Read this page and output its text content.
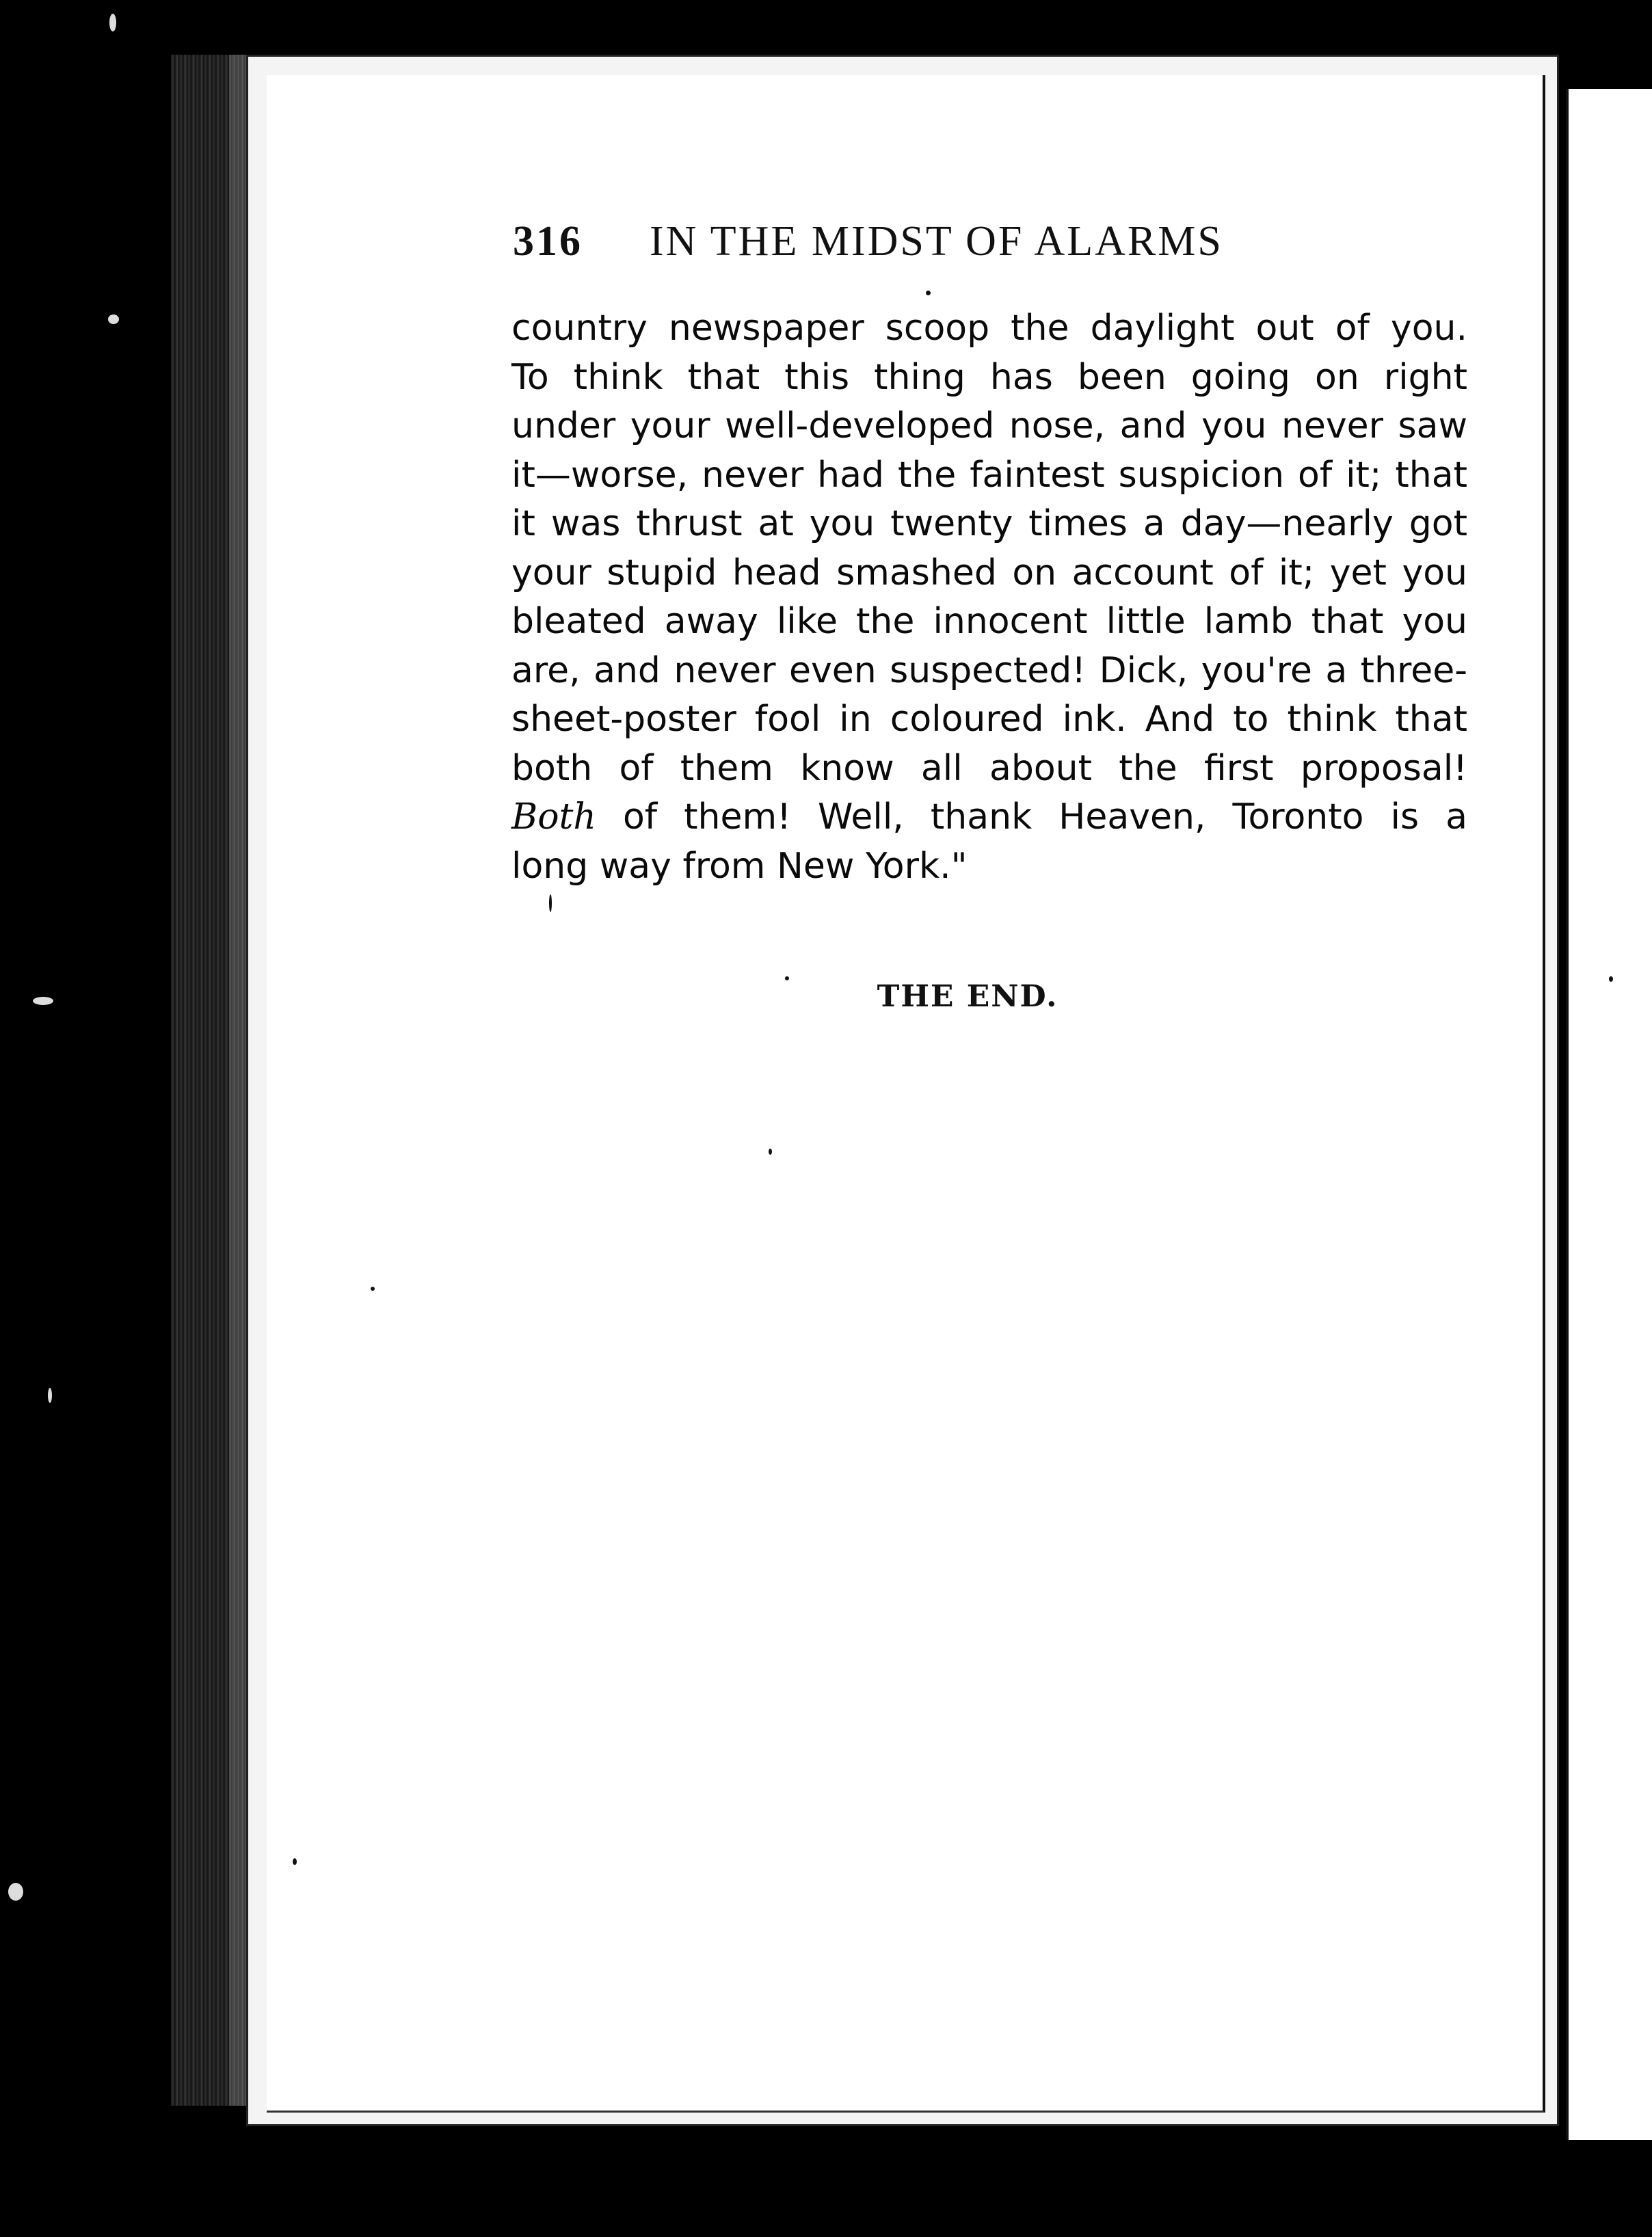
316 IN THE MIDST OF ALARMS
country newspaper scoop the daylight out of you.
To think that this thing has been going on right
under your well-developed nose, and you never saw
it—worse, never had the faintest suspicion of it; that
it was thrust at you twenty times a day—nearly got
your stupid head smashed on account of it; yet you
bleated away like the innocent little lamb that you
are, and never even suspected! Dick, you're a three-
sheet-poster fool in coloured ink. And to think that
both of them know all about the first proposal!
Both of them! Well, thank Heaven, Toronto is a
long way from New York."
THE END.
